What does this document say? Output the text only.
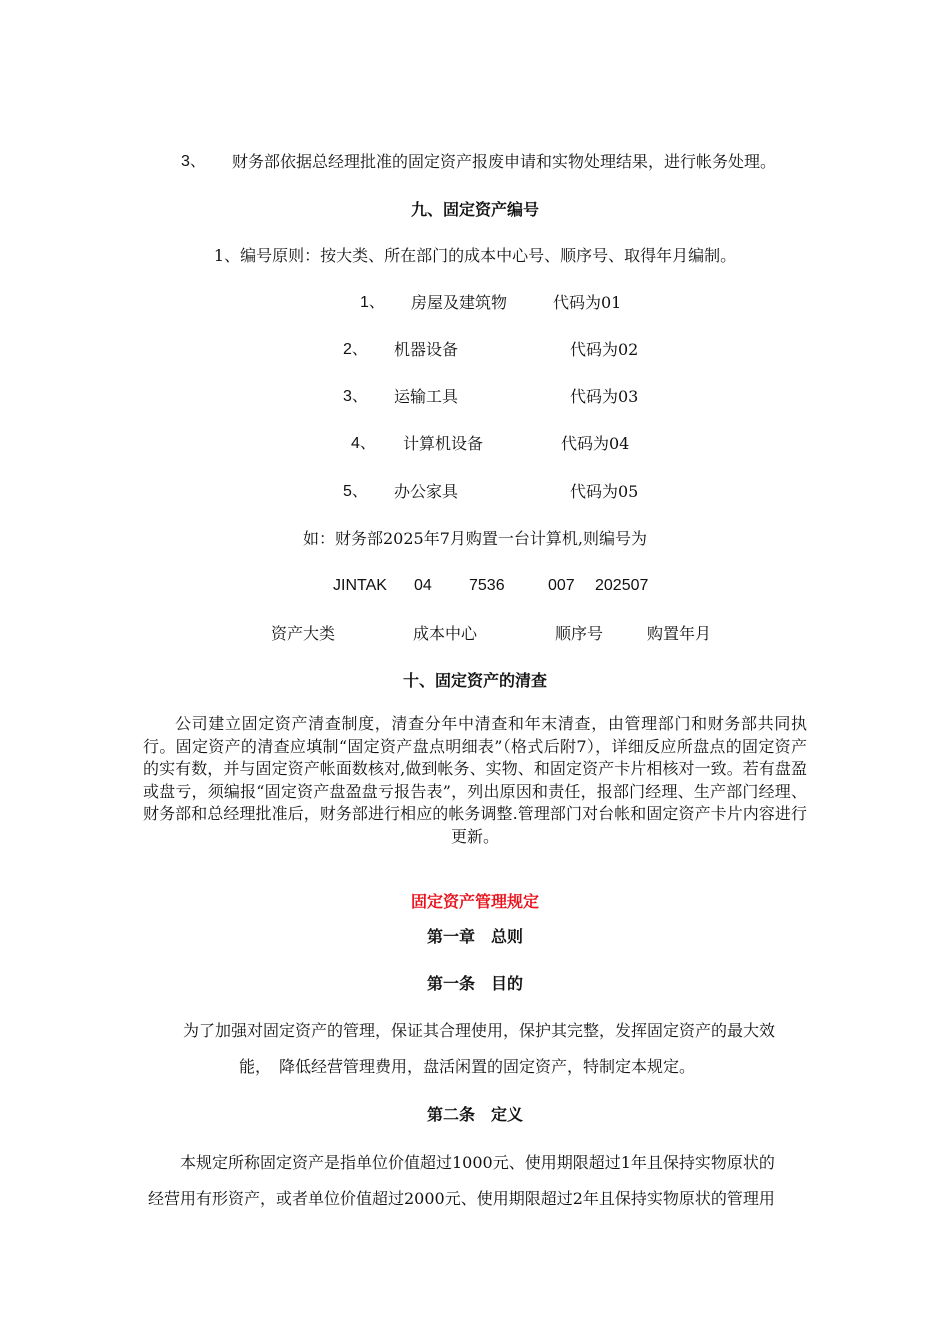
3、 财务部依据总经理批准的固定资产报废申请和实物处理结果，进行帐务处理。
九、固定资产编号
1、编号原则：按大类、所在部门的成本中心号、顺序号、取得年月编制。
1、 房屋及建筑物	代码为01
2、 机器设备	代码为02
3、 运输工具	代码为03
4、 计算机设备	代码为04
5、 办公家具	代码为05
如：财务部2025年7月购置一台计算机,则编号为
JINTAK 04 7536	007 202507
资产大类	成本中心	顺序号	购置年月
十、固定资产的清查
公司建立固定资产清查制度，清查分年中清查和年末清查，由管理部门和财务部共同执行。固定资产的清查应填制“固定资产盘点明细表”（格式后附7），详细反应所盘点的固定资产的实有数，并与固定资产帐面数核对,做到帐务、实物、和固定资产卡片相核对一致。若有盘盈或盘亏，须编报“固定资产盘盈盘亏报告表”，列出原因和责任，报部门经理、生产部门经理、财务部和总经理批准后，财务部进行相应的帐务调整.管理部门对台帐和固定资产卡片内容进行更新。
固定资产管理规定
第一章　总则
第一条　目的
为了加强对固定资产的管理，保证其合理使用，保护其完整，发挥固定资产的最大效
能，　降低经营管理费用，盘活闲置的固定资产，特制定本规定。
第二条　定义
本规定所称固定资产是指单位价值超过1000元、使用期限超过1年且保持实物原状的
经营用有形资产，或者单位价值超过2000元、使用期限超过2年且保持实物原状的管理用
